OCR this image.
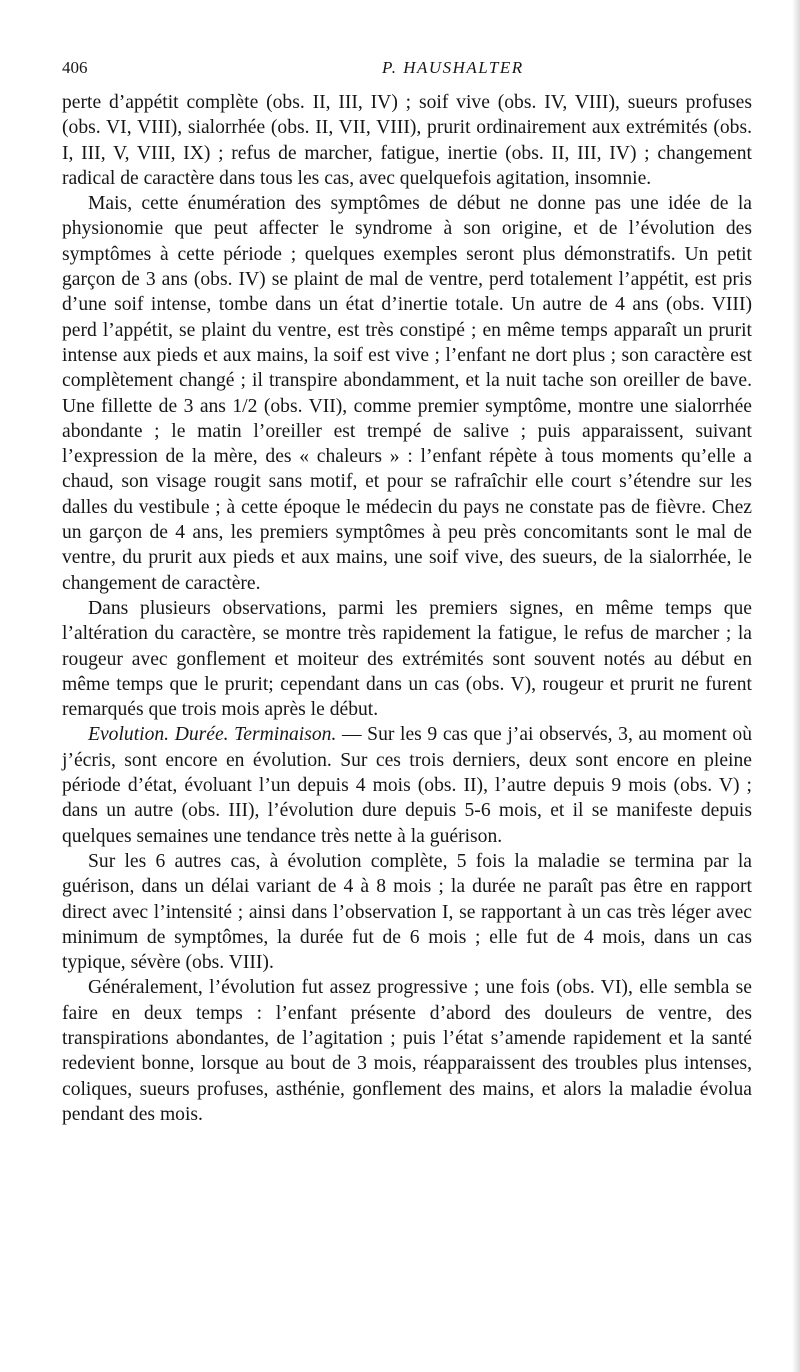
406	P. HAUSHALTER

perte d’appétit complète (obs. II, III, IV) ; soif vive (obs. IV, VIII), sueurs profuses (obs. VI, VIII), sialorrhée (obs. II, VII, VIII), prurit ordinairement aux extrémités (obs. I, III, V, VIII, IX) ; refus de marcher, fatigue, inertie (obs. II, III, IV) ; changement radical de caractère dans tous les cas, avec quelquefois agitation, insomnie.

Mais, cette énumération des symptômes de début ne donne pas une idée de la physionomie que peut affecter le syndrome à son origine, et de l’évolution des symptômes à cette période ; quelques exemples seront plus démonstratifs. Un petit garçon de 3 ans (obs. IV) se plaint de mal de ventre, perd totalement l’appétit, est pris d’une soif intense, tombe dans un état d’inertie totale. Un autre de 4 ans (obs. VIII) perd l’appétit, se plaint du ventre, est très constipé ; en même temps apparaît un prurit intense aux pieds et aux mains, la soif est vive ; l’enfant ne dort plus ; son caractère est complètement changé ; il transpire abondamment, et la nuit tache son oreiller de bave. Une fillette de 3 ans 1/2 (obs. VII), comme premier symptôme, montre une sialorrhée abondante ; le matin l’oreiller est trempé de salive ; puis apparaissent, suivant l’expression de la mère, des « chaleurs » : l’enfant répète à tous moments qu’elle a chaud, son visage rougit sans motif, et pour se rafraîchir elle court s’étendre sur les dalles du vestibule ; à cette époque le médecin du pays ne constate pas de fièvre. Chez un garçon de 4 ans, les premiers symptômes à peu près concomitants sont le mal de ventre, du prurit aux pieds et aux mains, une soif vive, des sueurs, de la sialorrhée, le changement de caractère.

Dans plusieurs observations, parmi les premiers signes, en même temps que l’altération du caractère, se montre très rapidement la fatigue, le refus de marcher ; la rougeur avec gonflement et moiteur des extrémités sont souvent notés au début en même temps que le prurit; cependant dans un cas (obs. V), rougeur et prurit ne furent remarqués que trois mois après le début.

Evolution. Durée. Terminaison. — Sur les 9 cas que j’ai observés, 3, au moment où j’écris, sont encore en évolution. Sur ces trois derniers, deux sont encore en pleine période d’état, évoluant l’un depuis 4 mois (obs. II), l’autre depuis 9 mois (obs. V) ; dans un autre (obs. III), l’évolution dure depuis 5-6 mois, et il se manifeste depuis quelques semaines une tendance très nette à la guérison.

Sur les 6 autres cas, à évolution complète, 5 fois la maladie se termina par la guérison, dans un délai variant de 4 à 8 mois ; la durée ne paraît pas être en rapport direct avec l’intensité ; ainsi dans l’observation I, se rapportant à un cas très léger avec minimum de symptômes, la durée fut de 6 mois ; elle fut de 4 mois, dans un cas typique, sévère (obs. VIII).

Généralement, l’évolution fut assez progressive ; une fois (obs. VI), elle sembla se faire en deux temps : l’enfant présente d’abord des douleurs de ventre, des transpirations abondantes, de l’agitation ; puis l’état s’amende rapidement et la santé redevient bonne, lorsque au bout de 3 mois, réapparaissent des troubles plus intenses, coliques, sueurs profuses, asthénie, gonflement des mains, et alors la maladie évolua pendant des mois.
